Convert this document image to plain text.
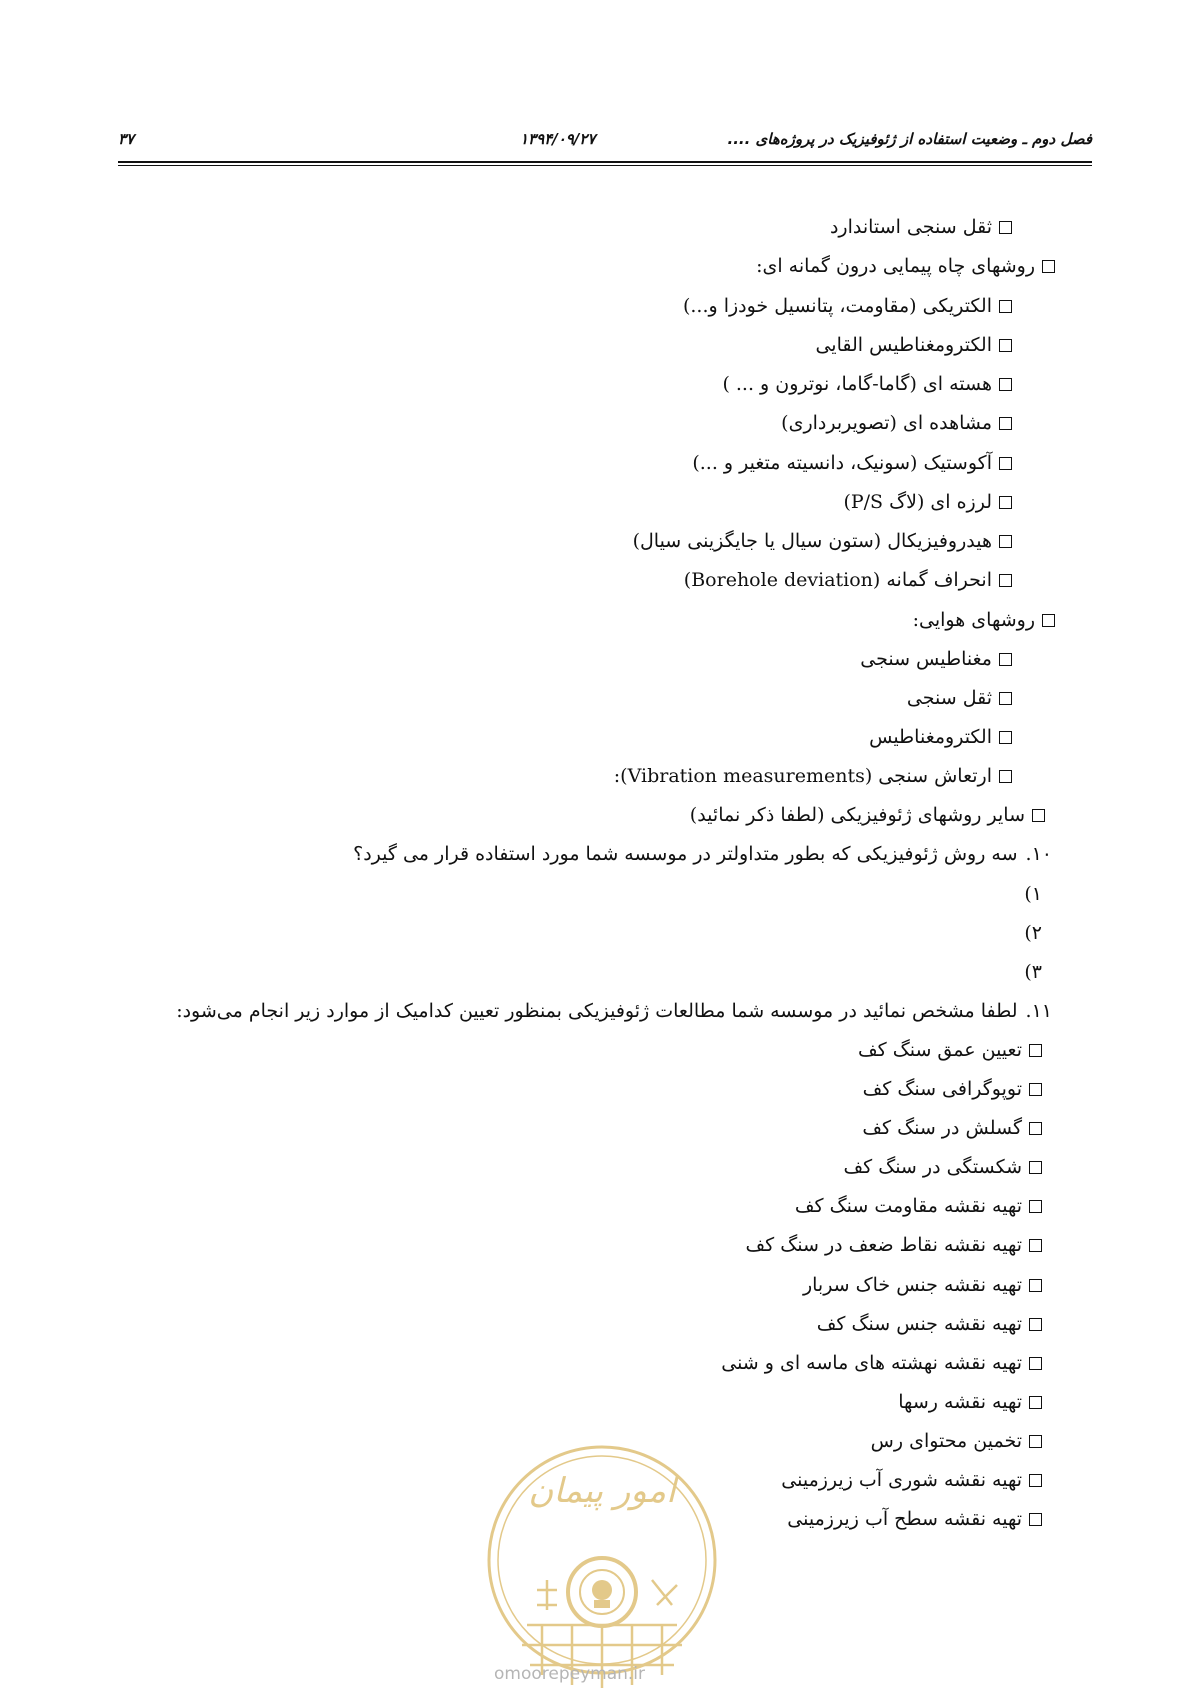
۳۷	۱۳۹۴/۰۹/۲۷	فصل دوم ـ وضعیت استفاده از ژئوفیزیک در پروژه‌های ....
ثقل سنجی استاندارد
روشهای چاه پیمایی درون گمانه ای:
الکتریکی (مقاومت، پتانسیل خودزا و...)
الکترومغناطیس القایی
هسته ای (گاما-گاما، نوترون و ... )
مشاهده ای (تصویربرداری)
آکوستیک (سونیک، دانسیته متغیر و ...)
لرزه ای (لاگ P/S)
هیدروفیزیکال (ستون سیال یا جایگزینی سیال)
انحراف گمانه (Borehole deviation)
روشهای هوایی:
مغناطیس سنجی
ثقل سنجی
الکترومغناطیس
ارتعاش سنجی (Vibration measurements):
سایر روشهای ژئوفیزیکی (لطفا ذکر نمائید)
۱۰.سه روش ژئوفیزیکی که بطور متداولتر در موسسه شما مورد استفاده قرار می گیرد؟
۱)
۲)
۳)
۱۱.لطفا مشخص نمائید در موسسه شما مطالعات ژئوفیزیکی بمنظور تعیین کدامیک از موارد زیر انجام می‌شود:
تعیین عمق سنگ کف
توپوگرافی سنگ کف
گسلش در سنگ کف
شکستگی در سنگ کف
تهیه نقشه مقاومت سنگ کف
تهیه نقشه نقاط ضعف در سنگ کف
تهیه نقشه جنس خاک سربار
تهیه نقشه جنس سنگ کف
تهیه نقشه نهشته های ماسه ای و شنی
تهیه نقشه رسها
تخمین محتوای رس
تهیه نقشه شوری آب زیرزمینی
تهیه نقشه سطح آب زیرزمینی
امور پیمان
omoorepeyman.ir
